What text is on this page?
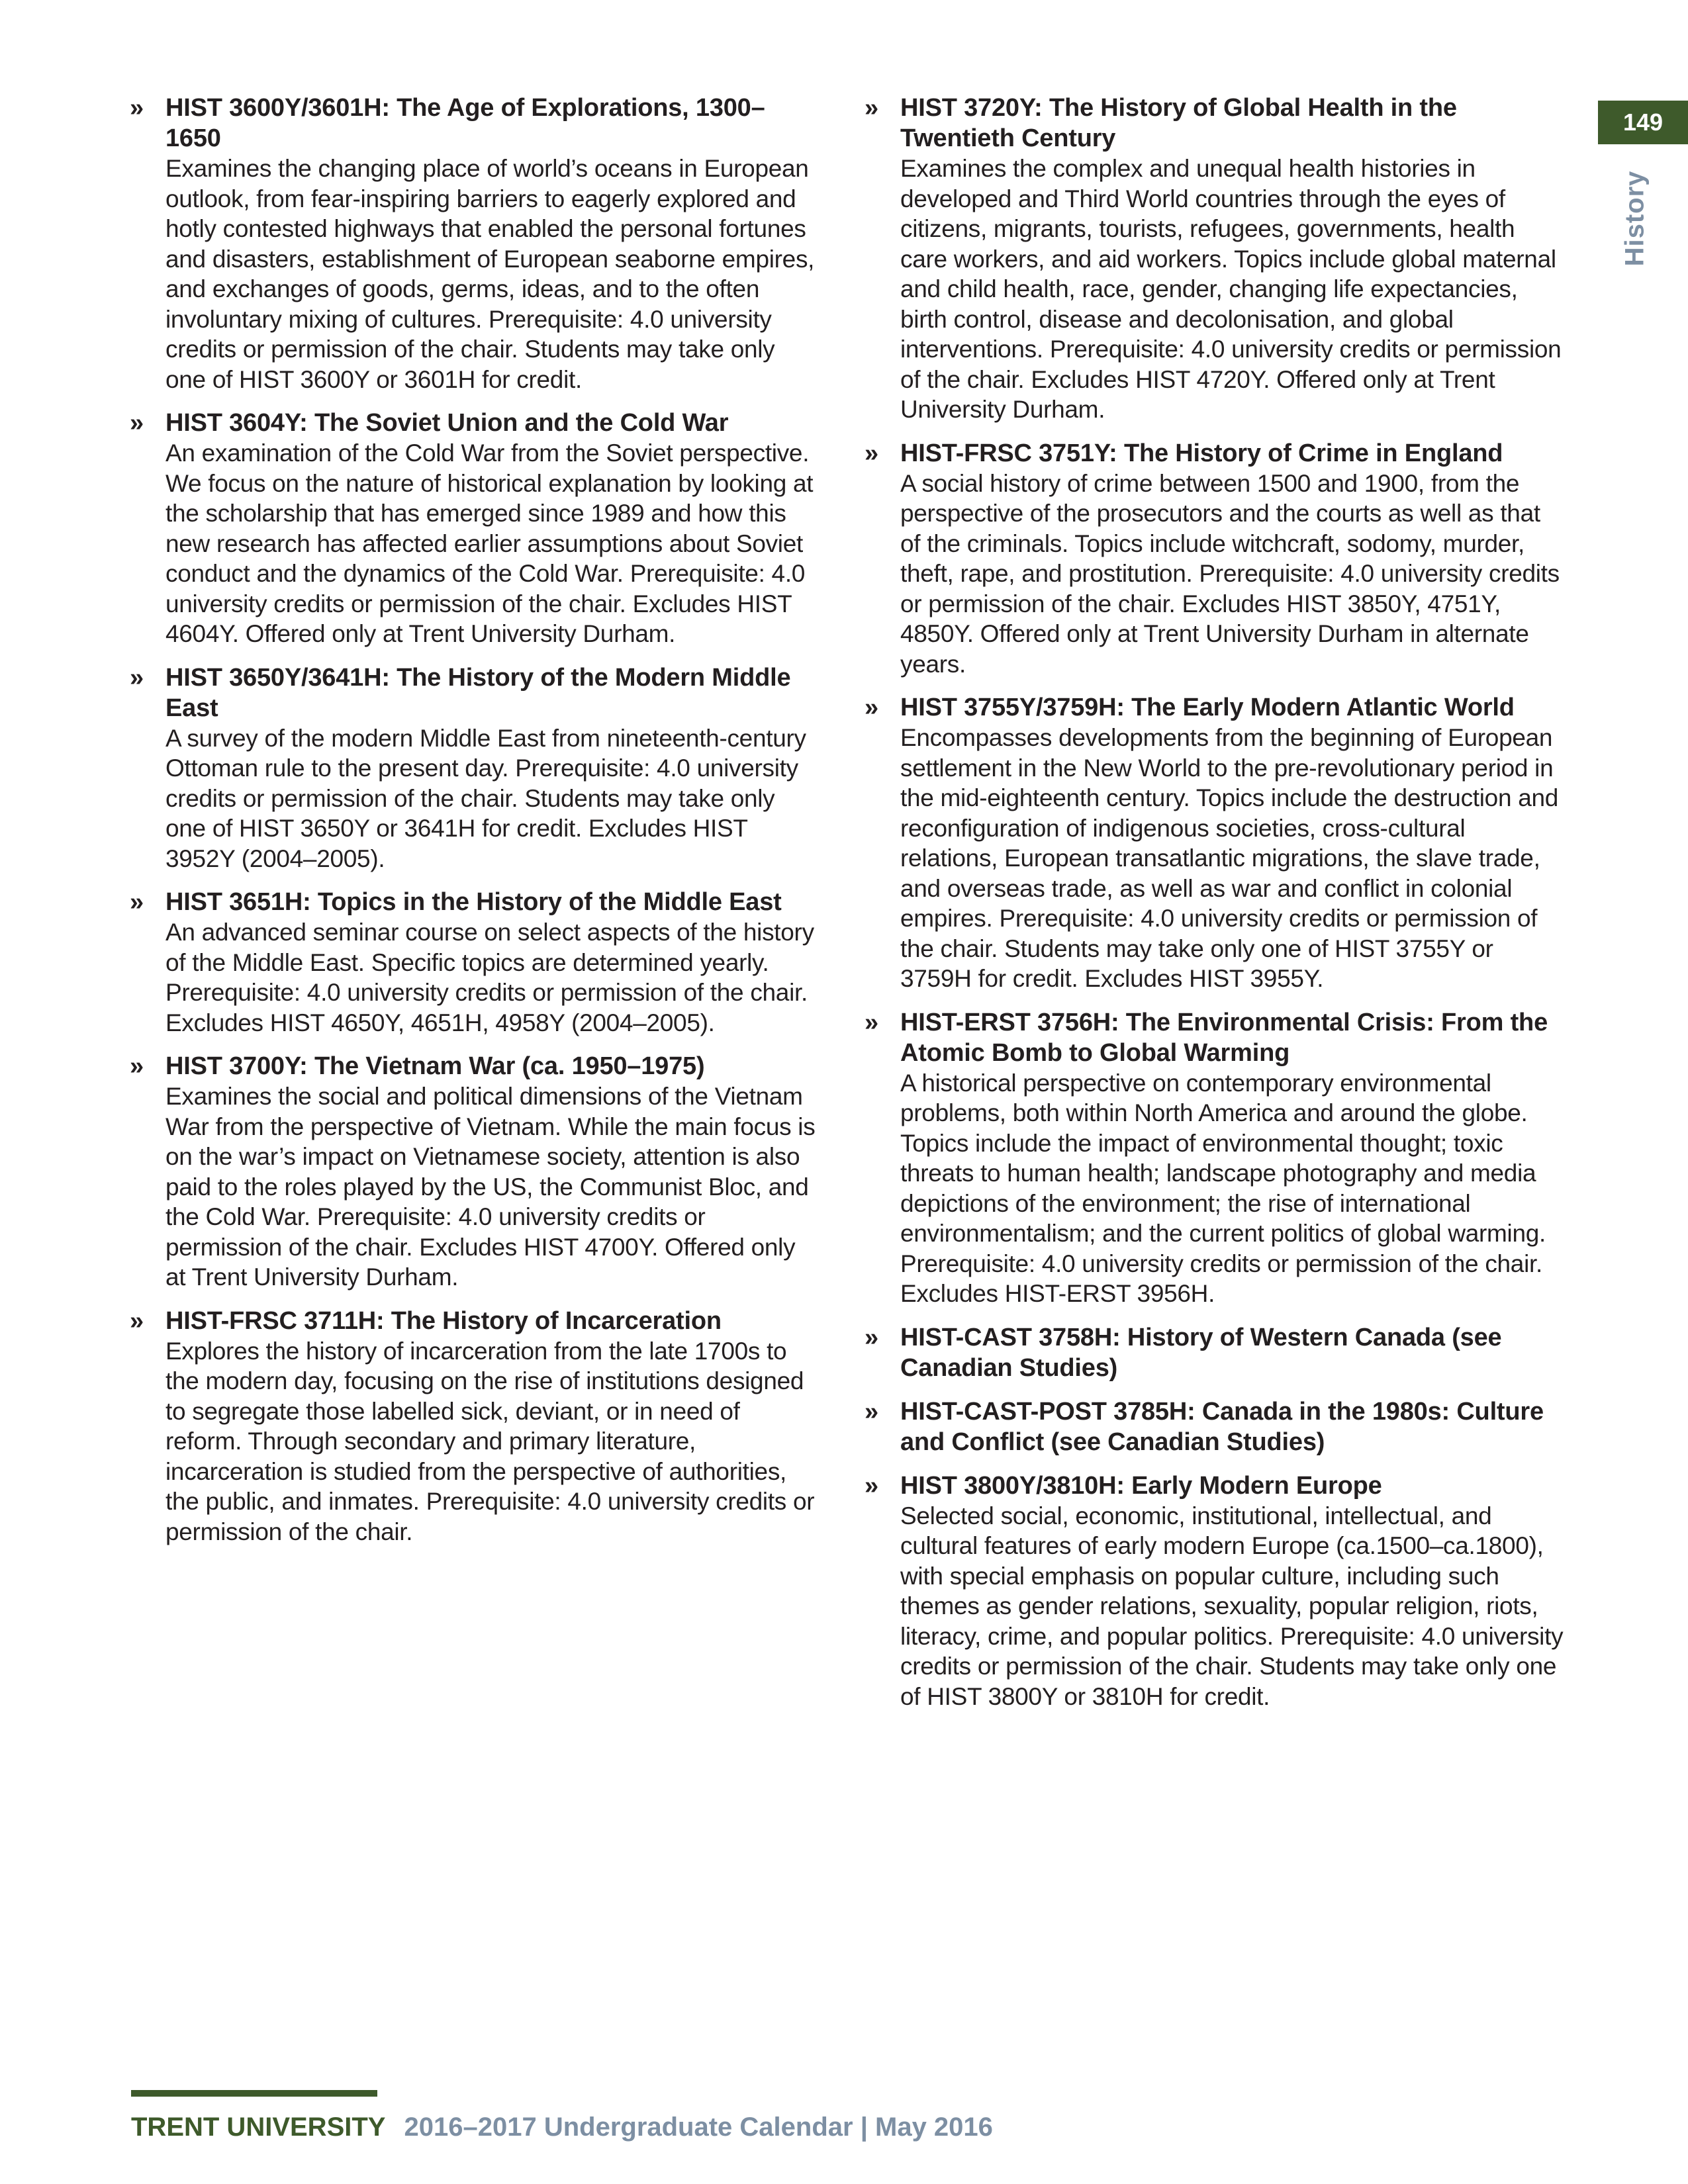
» HIST 3600Y/3601H: The Age of Explorations, 1300–1650
Examines the changing place of world’s oceans in European outlook, from fear-inspiring barriers to eagerly explored and hotly contested highways that enabled the personal fortunes and disasters, establishment of European seaborne empires, and exchanges of goods, germs, ideas, and to the often involuntary mixing of cultures. Prerequisite: 4.0 university credits or permission of the chair. Students may take only one of HIST 3600Y or 3601H for credit.
» HIST 3604Y: The Soviet Union and the Cold War
An examination of the Cold War from the Soviet perspective. We focus on the nature of historical explanation by looking at the scholarship that has emerged since 1989 and how this new research has affected earlier assumptions about Soviet conduct and the dynamics of the Cold War. Prerequisite: 4.0 university credits or permission of the chair. Excludes HIST 4604Y. Offered only at Trent University Durham.
» HIST 3650Y/3641H: The History of the Modern Middle East
A survey of the modern Middle East from nineteenth-century Ottoman rule to the present day. Prerequisite: 4.0 university credits or permission of the chair. Students may take only one of HIST 3650Y or 3641H for credit. Excludes HIST 3952Y (2004–2005).
» HIST 3651H: Topics in the History of the Middle East
An advanced seminar course on select aspects of the history of the Middle East. Specific topics are determined yearly. Prerequisite: 4.0 university credits or permission of the chair. Excludes HIST 4650Y, 4651H, 4958Y (2004–2005).
» HIST 3700Y: The Vietnam War (ca. 1950–1975)
Examines the social and political dimensions of the Vietnam War from the perspective of Vietnam. While the main focus is on the war’s impact on Vietnamese society, attention is also paid to the roles played by the US, the Communist Bloc, and the Cold War. Prerequisite: 4.0 university credits or permission of the chair. Excludes HIST 4700Y. Offered only at Trent University Durham.
» HIST-FRSC 3711H: The History of Incarceration
Explores the history of incarceration from the late 1700s to the modern day, focusing on the rise of institutions designed to segregate those labelled sick, deviant, or in need of reform. Through secondary and primary literature, incarceration is studied from the perspective of authorities, the public, and inmates. Prerequisite: 4.0 university credits or permission of the chair.
» HIST 3720Y: The History of Global Health in the Twentieth Century
Examines the complex and unequal health histories in developed and Third World countries through the eyes of citizens, migrants, tourists, refugees, governments, health care workers, and aid workers. Topics include global maternal and child health, race, gender, changing life expectancies, birth control, disease and decolonisation, and global interventions. Prerequisite: 4.0 university credits or permission of the chair. Excludes HIST 4720Y. Offered only at Trent University Durham.
» HIST-FRSC 3751Y: The History of Crime in England
A social history of crime between 1500 and 1900, from the perspective of the prosecutors and the courts as well as that of the criminals. Topics include witchcraft, sodomy, murder, theft, rape, and prostitution. Prerequisite: 4.0 university credits or permission of the chair. Excludes HIST 3850Y, 4751Y, 4850Y. Offered only at Trent University Durham in alternate years.
» HIST 3755Y/3759H: The Early Modern Atlantic World
Encompasses developments from the beginning of European settlement in the New World to the pre-revolutionary period in the mid-eighteenth century. Topics include the destruction and reconfiguration of indigenous societies, cross-cultural relations, European transatlantic migrations, the slave trade, and overseas trade, as well as war and conflict in colonial empires. Prerequisite: 4.0 university credits or permission of the chair. Students may take only one of HIST 3755Y or 3759H for credit. Excludes HIST 3955Y.
» HIST-ERST 3756H: The Environmental Crisis: From the Atomic Bomb to Global Warming
A historical perspective on contemporary environmental problems, both within North America and around the globe. Topics include the impact of environmental thought; toxic threats to human health; landscape photography and media depictions of the environment; the rise of international environmentalism; and the current politics of global warming. Prerequisite: 4.0 university credits or permission of the chair. Excludes HIST-ERST 3956H.
» HIST-CAST 3758H: History of Western Canada (see Canadian Studies)
» HIST-CAST-POST 3785H: Canada in the 1980s: Culture and Conflict (see Canadian Studies)
» HIST 3800Y/3810H: Early Modern Europe
Selected social, economic, institutional, intellectual, and cultural features of early modern Europe (ca.1500–ca.1800), with special emphasis on popular culture, including such themes as gender relations, sexuality, popular religion, riots, literacy, crime, and popular politics. Prerequisite: 4.0 university credits or permission of the chair. Students may take only one of HIST 3800Y or 3810H for credit.
149
History
TRENT UNIVERSITY 2016–2017 Undergraduate Calendar | May 2016
